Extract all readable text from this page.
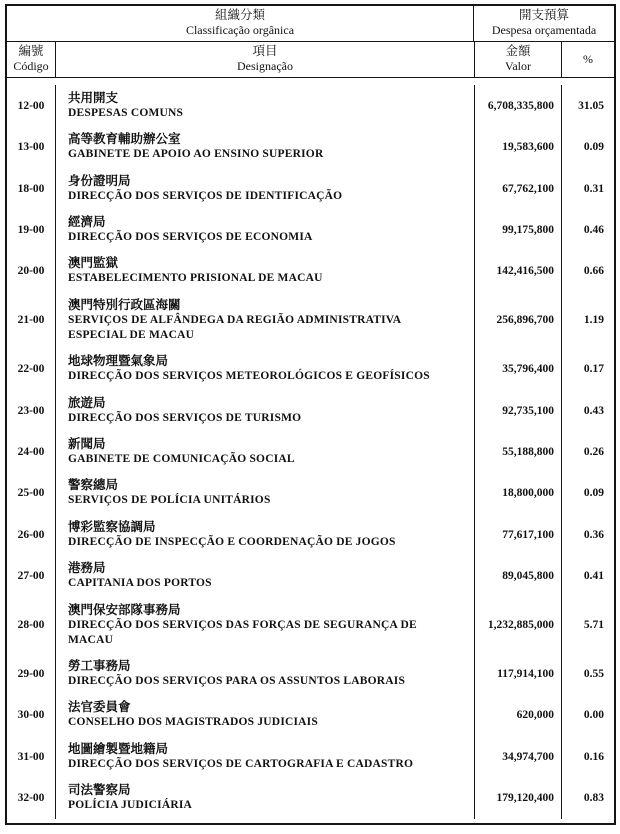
組織分類
Classificação orgânica
開支預算
Despesa orçamentada
編號
Código
項目
Designação
金額
Valor
%
12-00
共用開支
DESPESAS COMUNS
6,708,335,800	31.05
13-00
高等教育輔助辦公室
GABINETE DE APOIO AO ENSINO SUPERIOR
19,583,600	0.09
18-00
身份證明局
DIRECÇÃO DOS SERVIÇOS DE IDENTIFICAÇÃO
67,762,100	0.31
19-00
經濟局
DIRECÇÃO DOS SERVIÇOS DE ECONOMIA
99,175,800	0.46
20-00
澳門監獄
ESTABELECIMENTO PRISIONAL DE MACAU
142,416,500	0.66
21-00
澳門特別行政區海關
SERVIÇOS DE ALFÂNDEGA DA REGIÃO ADMINISTRATIVA ESPECIAL DE MACAU
256,896,700	1.19
22-00
地球物理暨氣象局
DIRECÇÃO DOS SERVIÇOS METEOROLÓGICOS E GEOFÍSICOS
35,796,400	0.17
23-00
旅遊局
DIRECÇÃO DOS SERVIÇOS DE TURISMO
92,735,100	0.43
24-00
新聞局
GABINETE DE COMUNICAÇÃO SOCIAL
55,188,800	0.26
25-00
警察總局
SERVIÇOS DE POLÍCIA UNITÁRIOS
18,800,000	0.09
26-00
博彩監察協調局
DIRECÇÃO DE INSPECÇÃO E COORDENAÇÃO DE JOGOS
77,617,100	0.36
27-00
港務局
CAPITANIA DOS PORTOS
89,045,800	0.41
28-00
澳門保安部隊事務局
DIRECÇÃO DOS SERVIÇOS DAS FORÇAS DE SEGURANÇA DE MACAU
1,232,885,000	5.71
29-00
勞工事務局
DIRECÇÃO DOS SERVIÇOS PARA OS ASSUNTOS LABORAIS
117,914,100	0.55
30-00
法官委員會
CONSELHO DOS MAGISTRADOS JUDICIAIS
620,000	0.00
31-00
地圖繪製暨地籍局
DIRECÇÃO DOS SERVIÇOS DE CARTOGRAFIA E CADASTRO
34,974,700	0.16
32-00
司法警察局
POLÍCIA JUDICIÁRIA
179,120,400	0.83
